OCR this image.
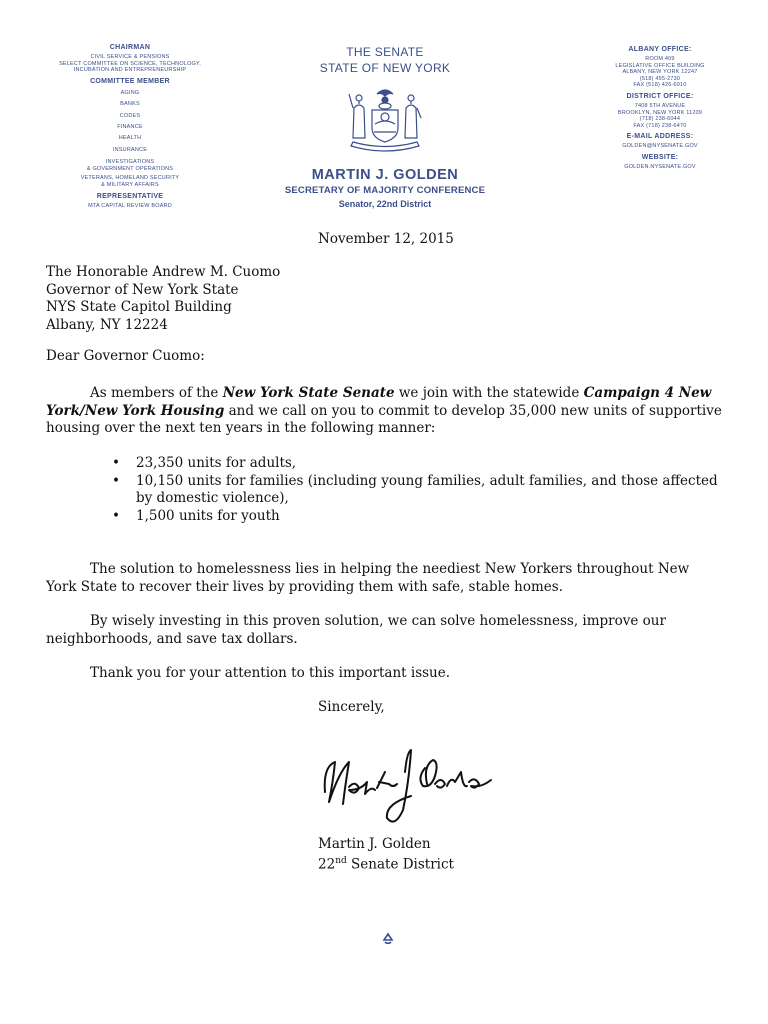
CHAIRMAN
CIVIL SERVICE & PENSIONS
SELECT COMMITTEE ON SCIENCE, TECHNOLOGY,
INCUBATION AND ENTREPRENEURSHIP
COMMITTEE MEMBER
AGING
BANKS
CODES
FINANCE
HEALTH
INSURANCE
INVESTIGATIONS
& GOVERNMENT OPERATIONS
VETERANS, HOMELAND SECURITY
& MILITARY AFFAIRS
REPRESENTATIVE
MTA CAPITAL REVIEW BOARD
THE SENATE
STATE OF NEW YORK
MARTIN J. GOLDEN
SECRETARY OF MAJORITY CONFERENCE
Senator, 22nd District
ALBANY OFFICE:
ROOM 409
LEGISLATIVE OFFICE BUILDING
ALBANY, NEW YORK 12247
(518) 455-2730
FAX (518) 426-6910
DISTRICT OFFICE:
7408 5TH AVENUE
BROOKLYN, NEW YORK 11209
(718) 238-6044
FAX (718) 238-6470
E-MAIL ADDRESS:
GOLDEN@NYSENATE.GOV
WEBSITE:
GOLDEN.NYSENATE.GOV
November 12, 2015
The Honorable Andrew M. Cuomo
Governor of New York State
NYS State Capitol Building
Albany, NY 12224
Dear Governor Cuomo:
As members of the New York State Senate we join with the statewide Campaign 4 New York/New York Housing and we call on you to commit to develop 35,000 new units of supportive housing over the next ten years in the following manner:
• 23,350 units for adults,
• 10,150 units for families (including young families, adult families, and those affected by domestic violence),
• 1,500 units for youth
The solution to homelessness lies in helping the neediest New Yorkers throughout New York State to recover their lives by providing them with safe, stable homes.
By wisely investing in this proven solution, we can solve homelessness, improve our neighborhoods, and save tax dollars.
Thank you for your attention to this important issue.
Sincerely,
Martin J. Golden
22nd Senate District
